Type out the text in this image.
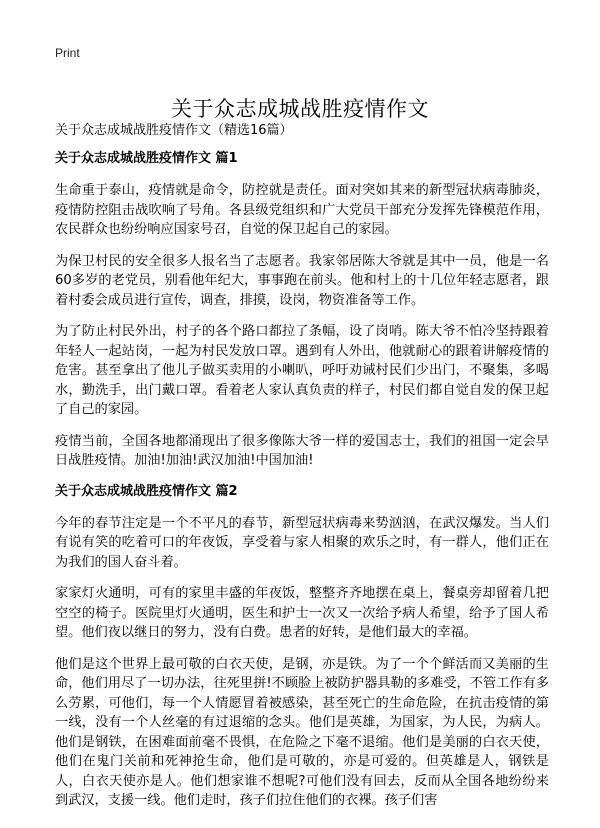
Print
关于众志成城战胜疫情作文
关于众志成城战胜疫情作文（精选16篇）
关于众志成城战胜疫情作文 篇1

生命重于泰山，疫情就是命令，防控就是责任。面对突如其来的新型冠状病毒肺炎，疫情防控阻击战吹响了号角。各县级党组织和广大党员干部充分发挥先锋模范作用，农民群众也纷纷响应国家号召，自觉的保卫起自己的家园。

为保卫村民的安全很多人报名当了志愿者。我家邻居陈大爷就是其中一员，他是一名60多岁的老党员，别看他年纪大，事事跑在前头。他和村上的十几位年轻志愿者，跟着村委会成员进行宣传，调查，排摸，设岗，物资准备等工作。

为了防止村民外出，村子的各个路口都拉了条幅，设了岗哨。陈大爷不怕冷坚持跟着年轻人一起站岗，一起为村民发放口罩。遇到有人外出，他就耐心的跟着讲解疫情的危害。甚至拿出了他儿子做买卖用的小喇叭，呼吁劝诫村民们少出门，不聚集，多喝水，勤洗手，出门戴口罩。看着老人家认真负责的样子，村民们都自觉自发的保卫起了自己的家园。

疫情当前，全国各地都涌现出了很多像陈大爷一样的爱国志士，我们的祖国一定会早日战胜疫情。加油!加油!武汉加油!中国加油!

关于众志成城战胜疫情作文 篇2

今年的春节注定是一个不平凡的春节，新型冠状病毒来势汹汹，在武汉爆发。当人们有说有笑的吃着可口的年夜饭，享受着与家人相聚的欢乐之时，有一群人，他们正在为我们的国人奋斗着。

家家灯火通明，可有的家里丰盛的年夜饭，整整齐齐地摆在桌上，餐桌旁却留着几把空空的椅子。医院里灯火通明，医生和护士一次又一次给予病人希望，给予了国人希望。他们夜以继日的努力，没有白费。患者的好转，是他们最大的幸福。

他们是这个世界上最可敬的白衣天使，是钢，亦是铁。为了一个个鲜活而又美丽的生命，他们用尽了一切办法，往死里拼!不顾脸上被防护器具勒的多难受，不管工作有多么劳累，可他们，每一个人情愿冒着被感染，甚至死亡的生命危险，在抗击疫情的第一线，没有一个人丝毫的有过退缩的念头。他们是英雄，为国家，为人民，为病人。他们是钢铁，在困难面前毫不畏惧，在危险之下毫不退缩。他们是美丽的白衣天使，他们在鬼门关前和死神抢生命，他们是可敬的，亦是可爱的。但英雄是人，钢铁是人，白衣天使亦是人。他们想家谁不想呢?可他们没有回去，反而从全国各地纷纷来到武汉，支援一线。他们走时，孩子们拉住他们的衣裸。孩子们害
